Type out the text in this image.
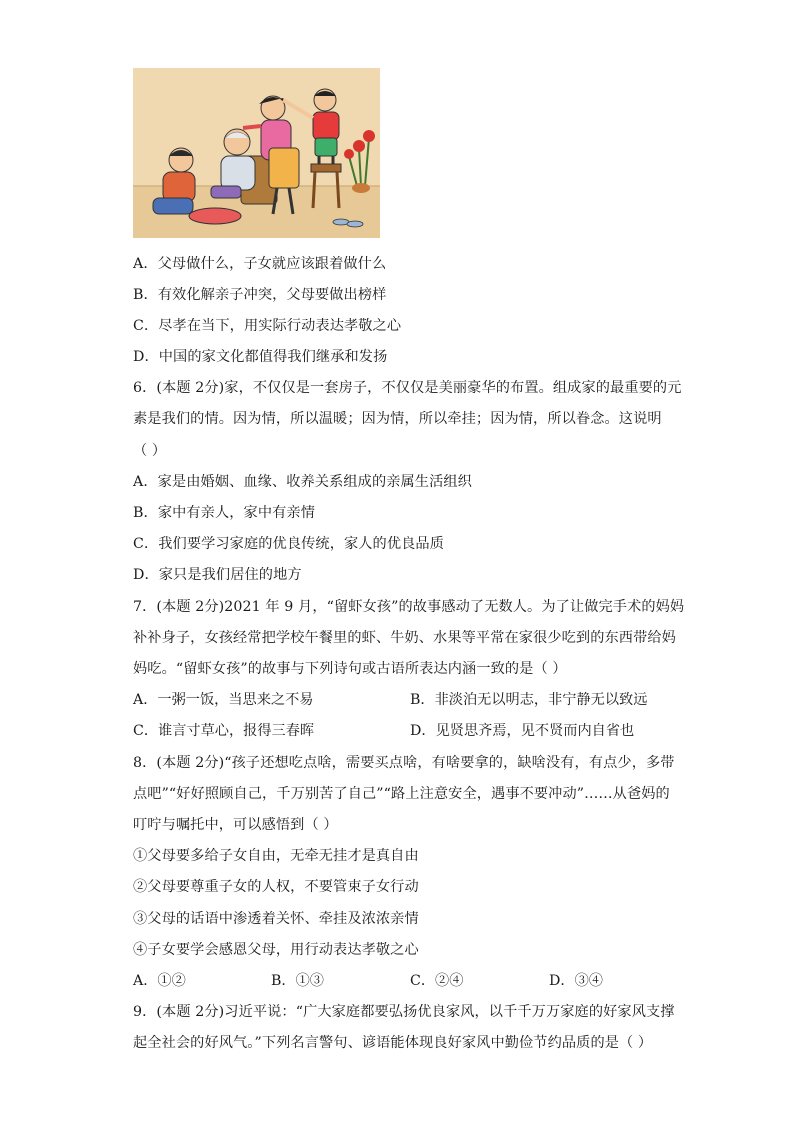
A．父母做什么，子女就应该跟着做什么
B．有效化解亲子冲突，父母要做出榜样
C．尽孝在当下，用实际行动表达孝敬之心
D．中国的家文化都值得我们继承和发扬
6．(本题 2分)家，不仅仅是一套房子，不仅仅是美丽豪华的布置。组成家的最重要的元
素是我们的情。因为情，所以温暖；因为情，所以牵挂；因为情，所以眷念。这说明
（ ）
A．家是由婚姻、血缘、收养关系组成的亲属生活组织
B．家中有亲人，家中有亲情
C．我们要学习家庭的优良传统，家人的优良品质
D．家只是我们居住的地方
7．(本题 2分)2021 年 9 月，“留虾女孩”的故事感动了无数人。为了让做完手术的妈妈
补补身子，女孩经常把学校午餐里的虾、牛奶、水果等平常在家很少吃到的东西带给妈
妈吃。“留虾女孩”的故事与下列诗句或古语所表达内涵一致的是（ ）
A．一粥一饭，当思来之不易	B．非淡泊无以明志，非宁静无以致远
C．谁言寸草心，报得三春晖	D．见贤思齐焉，见不贤而内自省也
8．(本题 2分)“孩子还想吃点啥，需要买点啥，有啥要拿的，缺啥没有，有点少，多带
点吧”“好好照顾自己，千万别苦了自己”“路上注意安全，遇事不要冲动”……从爸妈的
叮咛与嘱托中，可以感悟到（ ）
①父母要多给子女自由，无牵无挂才是真自由
②父母要尊重子女的人权，不要管束子女行动
③父母的话语中渗透着关怀、牵挂及浓浓亲情
④子女要学会感恩父母，用行动表达孝敬之心
A．①②	B．①③	C．②④	D．③④
9．(本题 2分)习近平说：“广大家庭都要弘扬优良家风，以千千万万家庭的好家风支撑
起全社会的好风气。”下列名言警句、谚语能体现良好家风中勤俭节约品质的是（ ）
